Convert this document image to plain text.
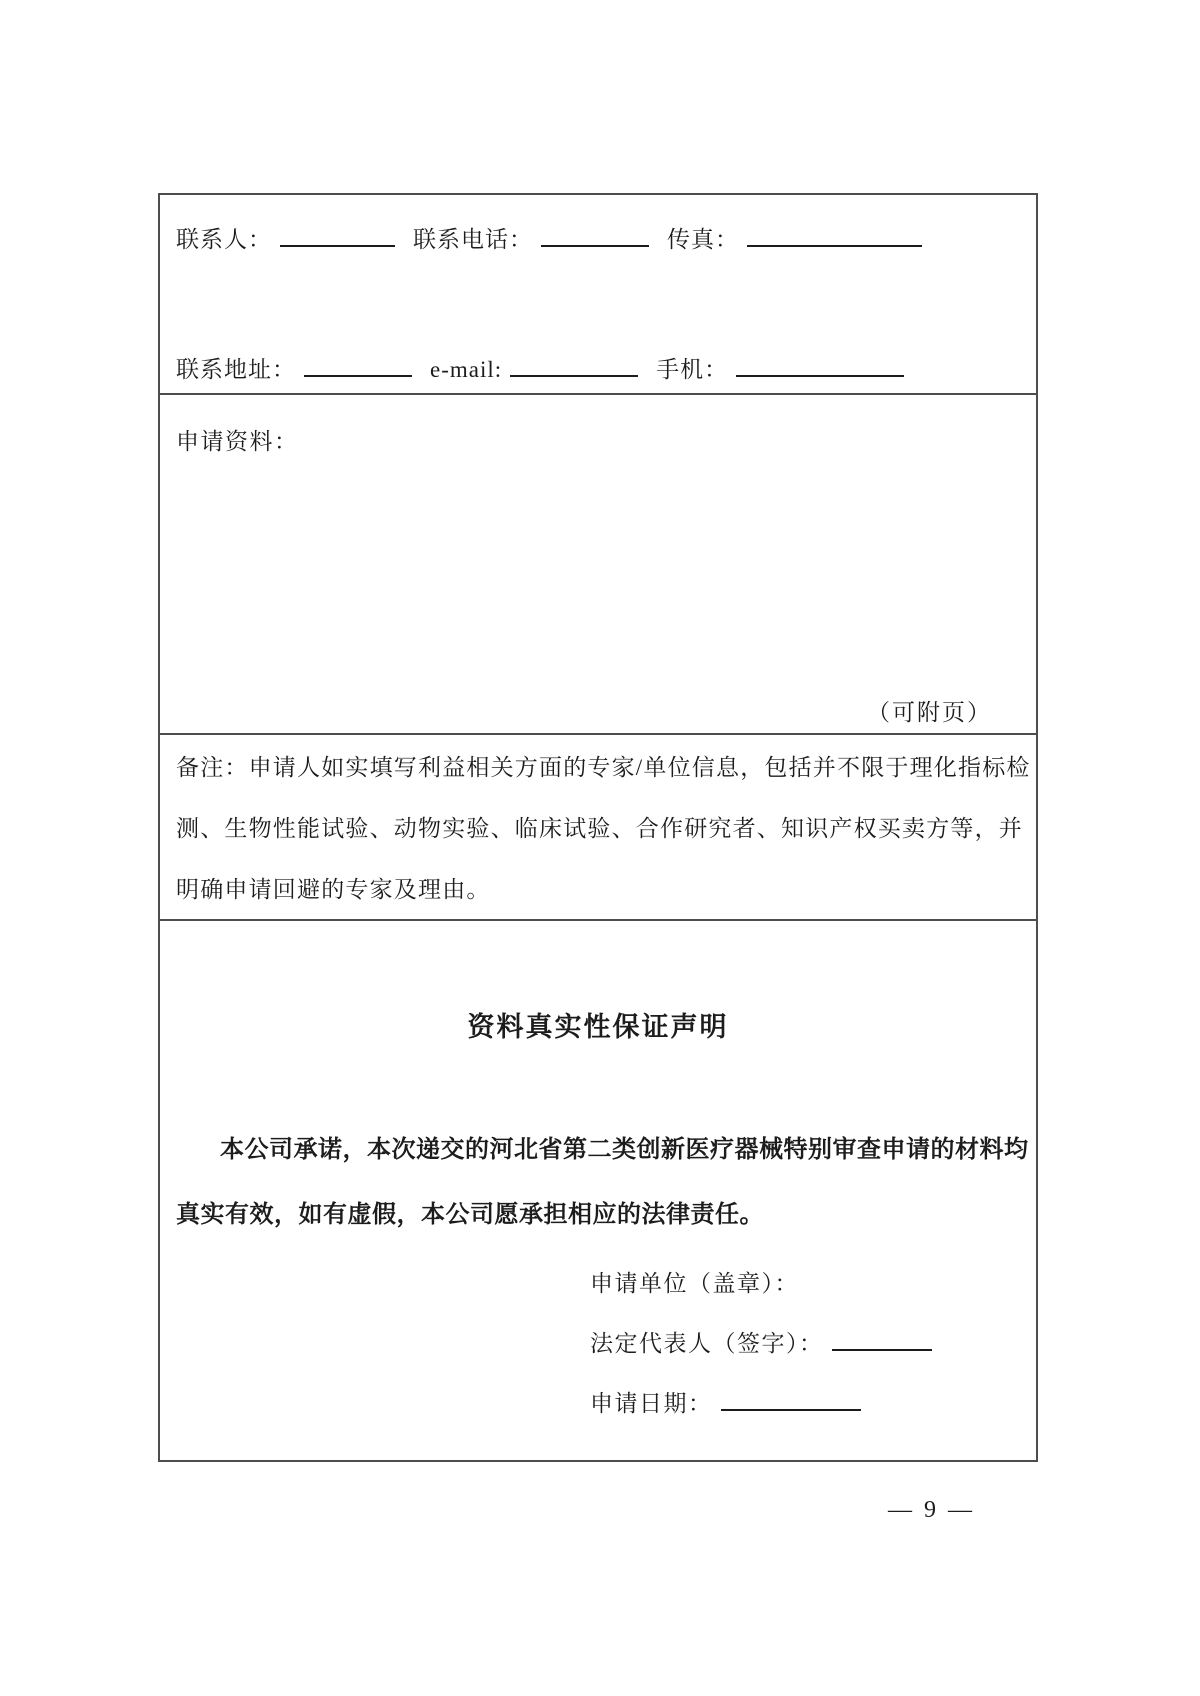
联系人：	联系电话：	传真：
联系地址：	e-mail:	手机：
申请资料：
（可附页）
备注：申请人如实填写利益相关方面的专家/单位信息，包括并不限于理化指标检
测、生物性能试验、动物实验、临床试验、合作研究者、知识产权买卖方等，并
明确申请回避的专家及理由。
资料真实性保证声明
本公司承诺，本次递交的河北省第二类创新医疗器械特别审查申请的材料均
真实有效，如有虚假，本公司愿承担相应的法律责任。
申请单位（盖章）：
法定代表人（签字）：
申请日期：
— 9 —
